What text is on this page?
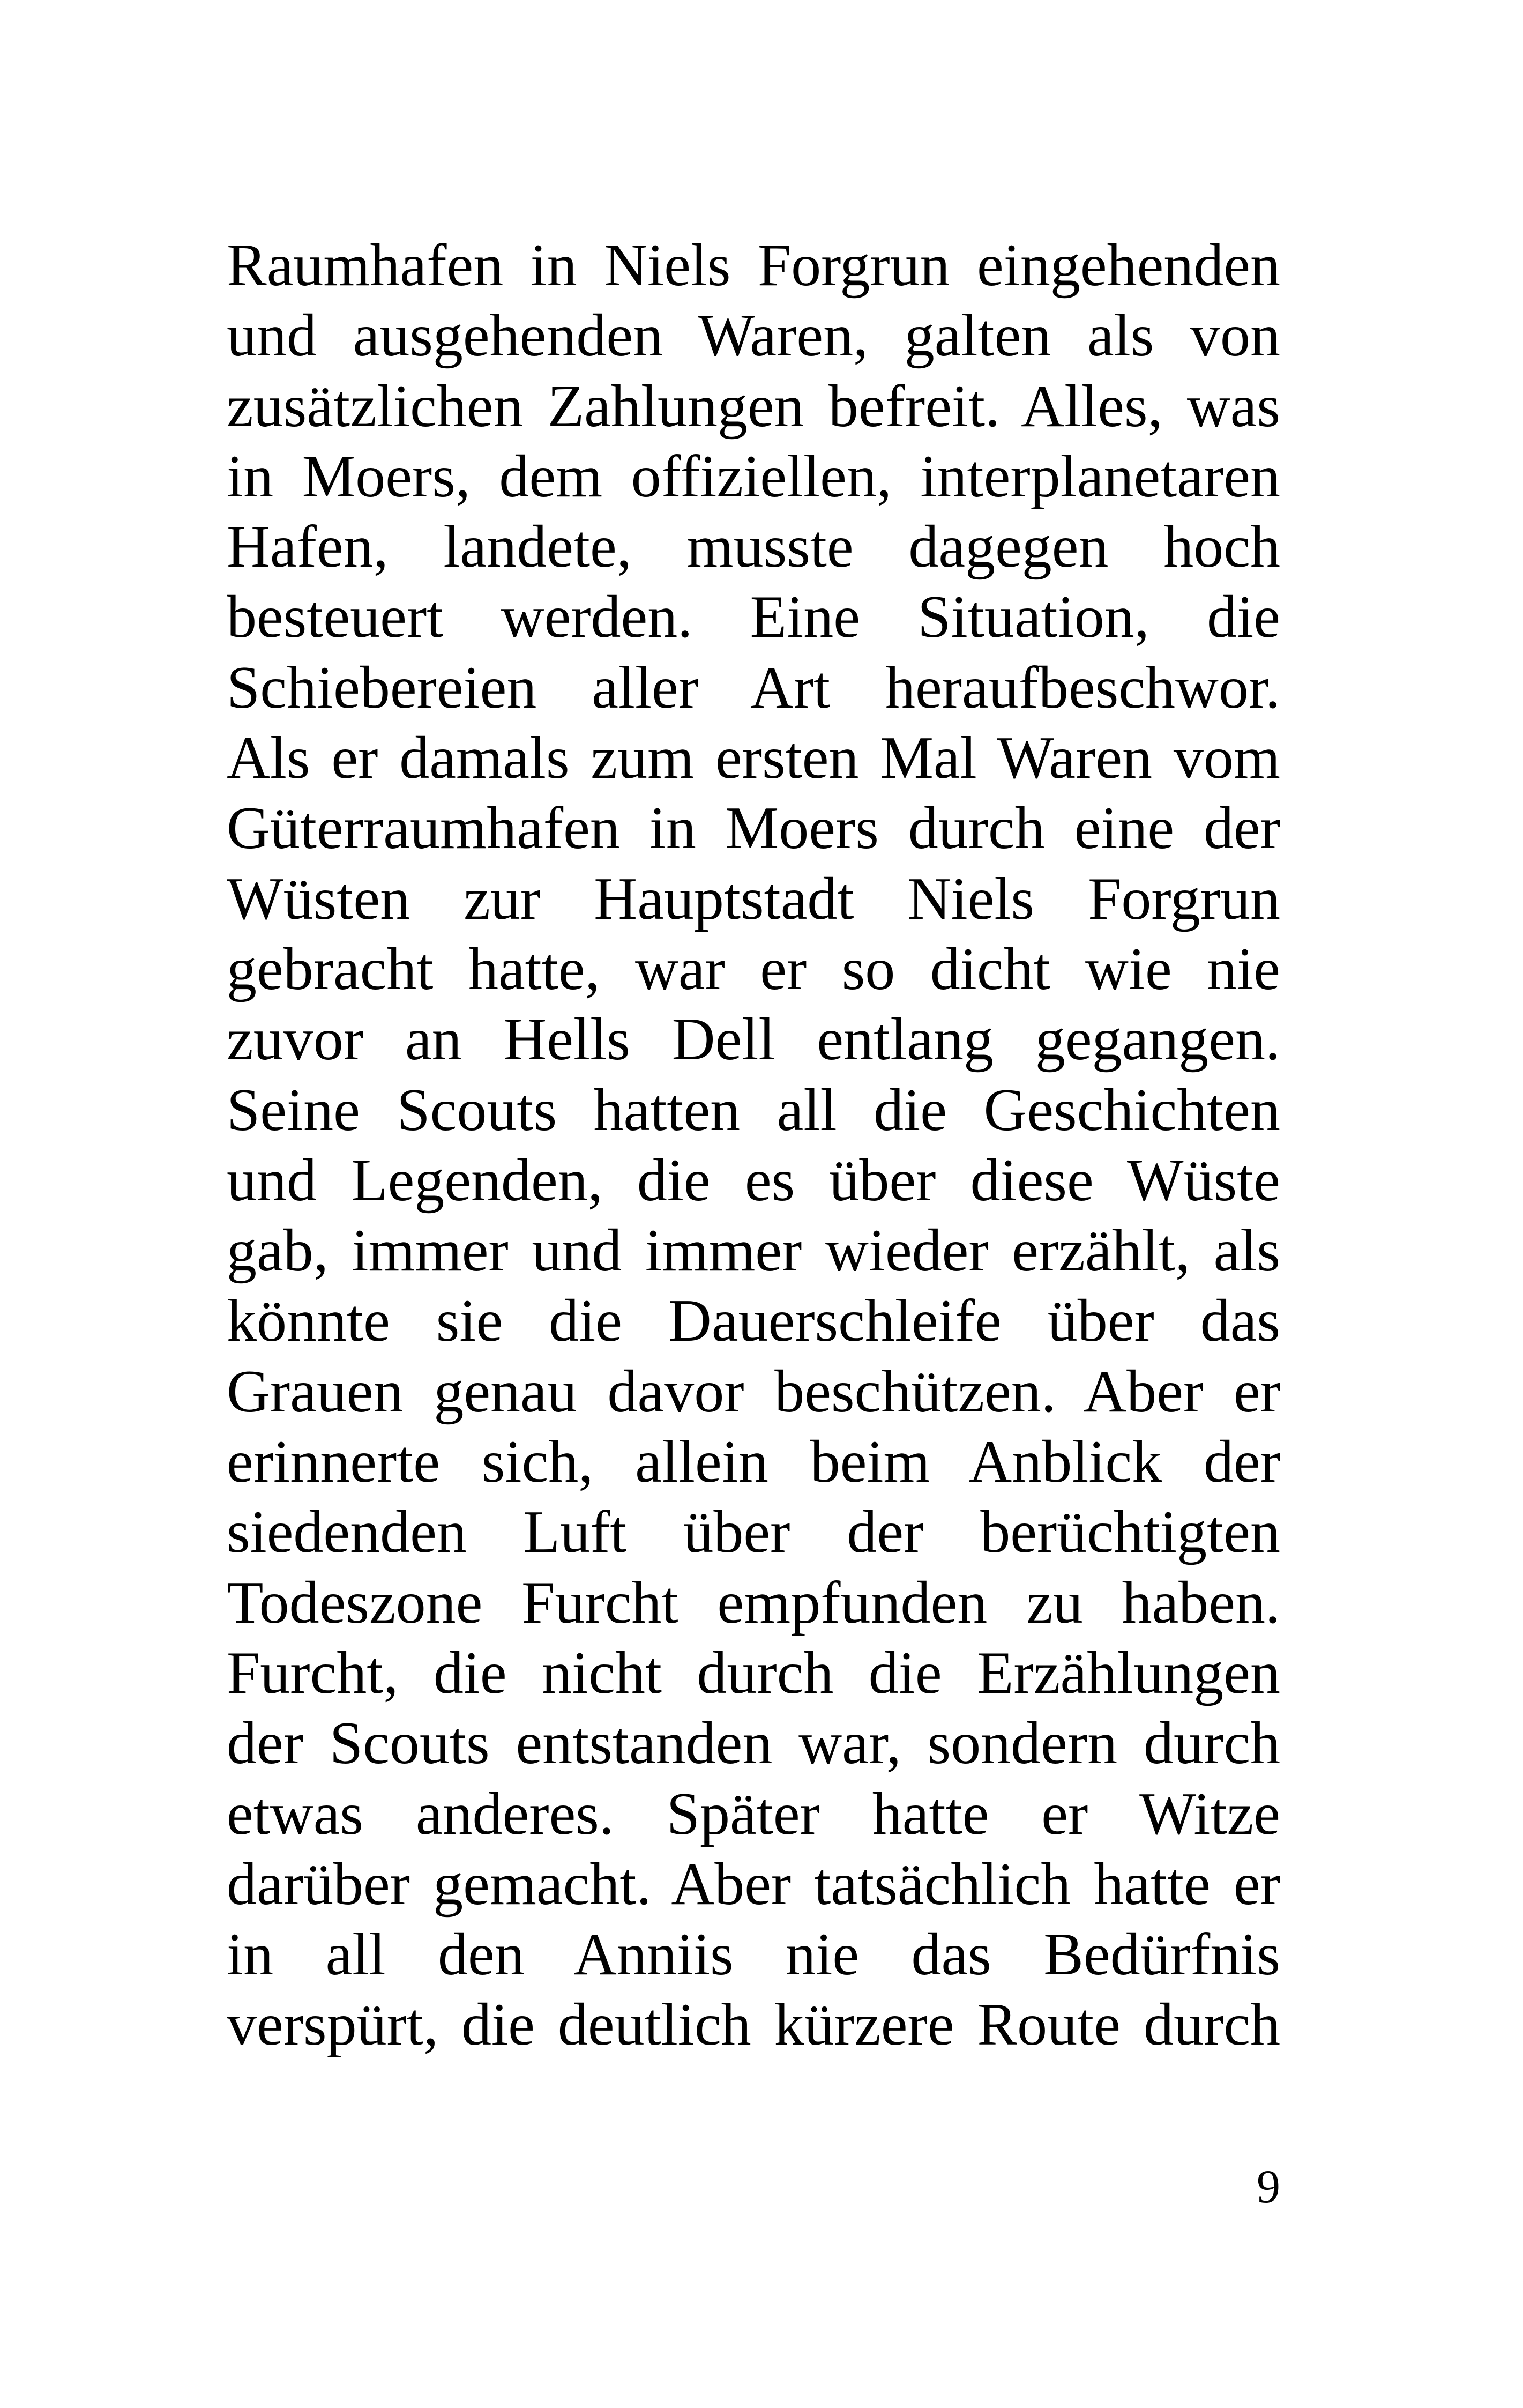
Raumhafen in Niels Forgrun eingehenden
und ausgehenden Waren, galten als von
zusätzlichen Zahlungen befreit. Alles, was
in Moers, dem offiziellen, interplanetaren
Hafen, landete, musste dagegen hoch
besteuert werden. Eine Situation, die
Schiebereien aller Art heraufbeschwor.
Als er damals zum ersten Mal Waren vom
Güterraumhafen in Moers durch eine der
Wüsten zur Hauptstadt Niels Forgrun
gebracht hatte, war er so dicht wie nie
zuvor an Hells Dell entlang gegangen.
Seine Scouts hatten all die Geschichten
und Legenden, die es über diese Wüste
gab, immer und immer wieder erzählt, als
könnte sie die Dauerschleife über das
Grauen genau davor beschützen. Aber er
erinnerte sich, allein beim Anblick der
siedenden Luft über der berüchtigten
Todeszone Furcht empfunden zu haben.
Furcht, die nicht durch die Erzählungen
der Scouts entstanden war, sondern durch
etwas anderes. Später hatte er Witze
darüber gemacht. Aber tatsächlich hatte er
in all den Anniis nie das Bedürfnis
verspürt, die deutlich kürzere Route durch
9
